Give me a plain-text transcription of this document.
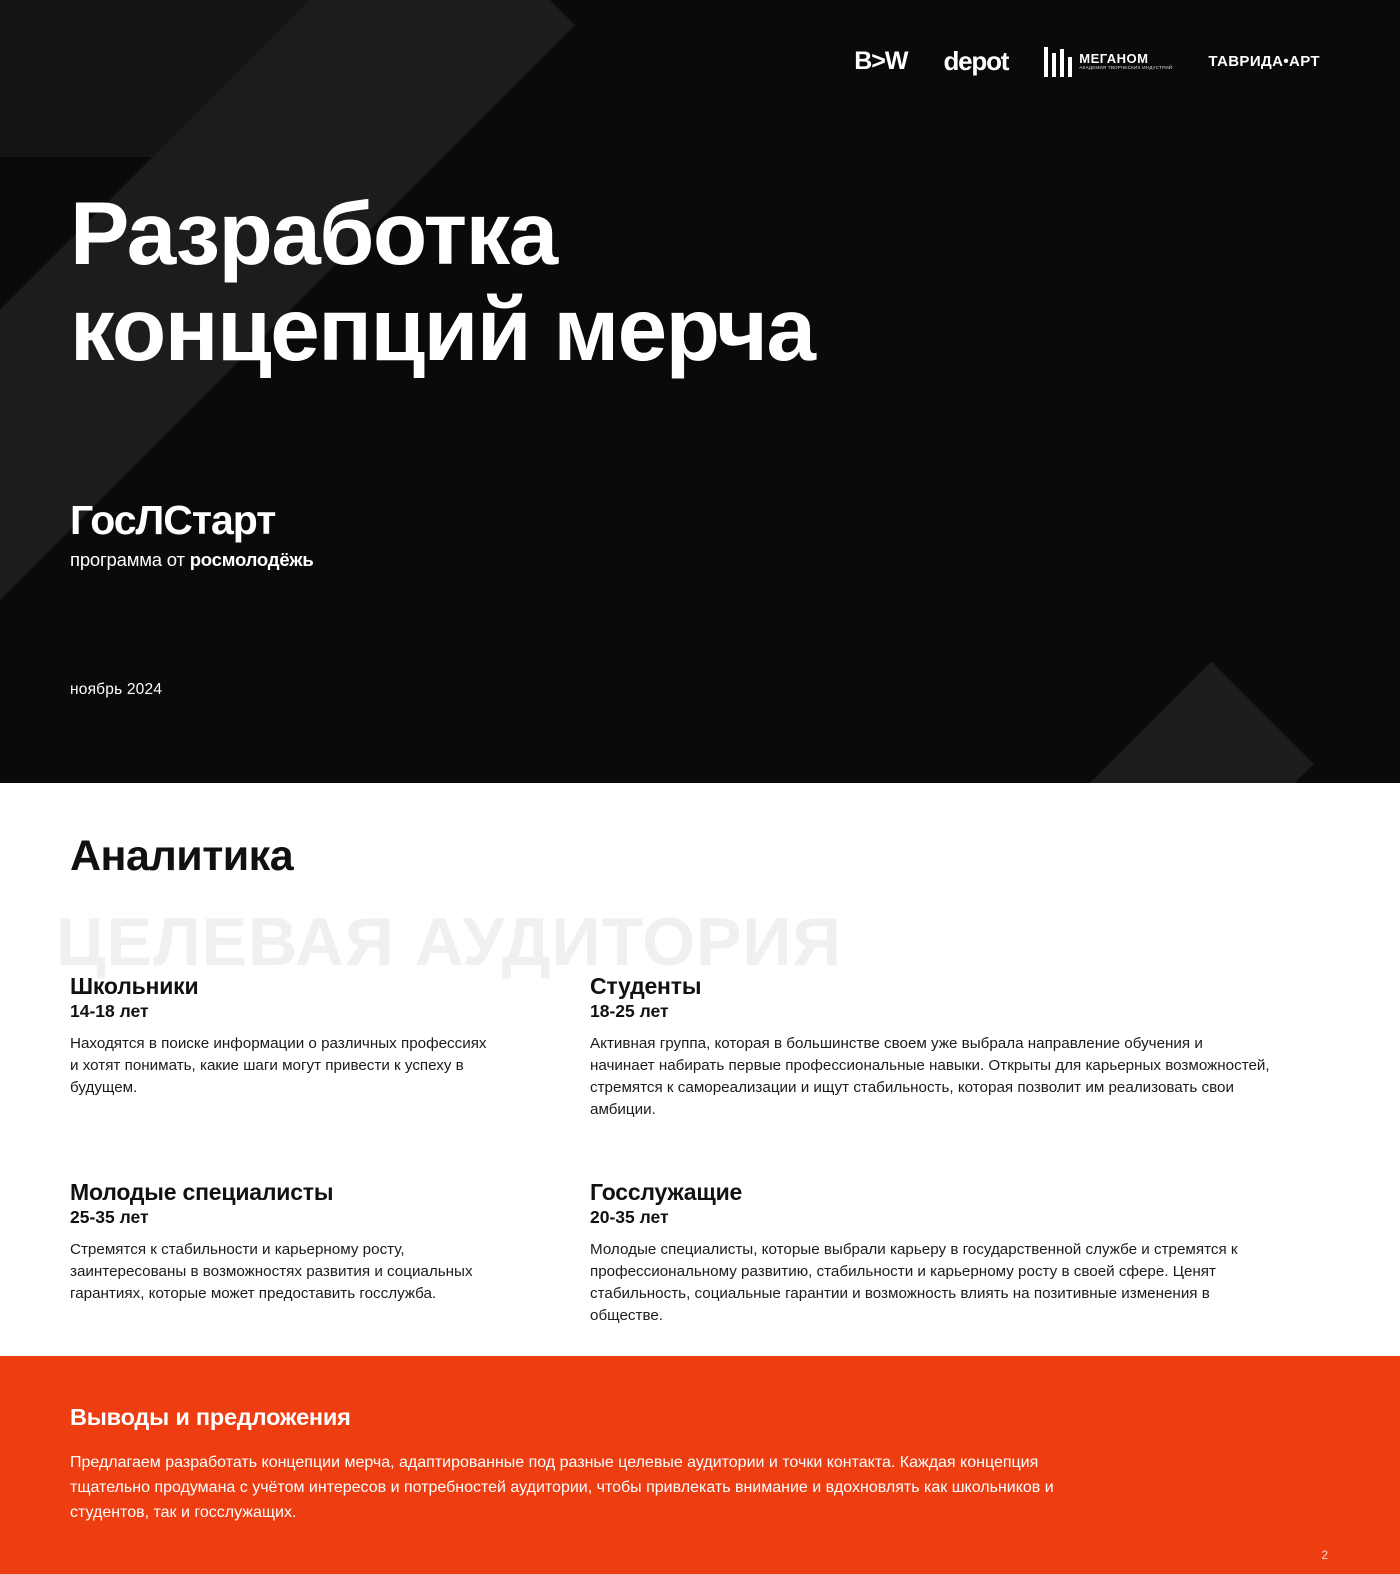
B>W depot	МЕГАНОМ
АКАДЕМИЯ ТВОРЧЕСКИХ ИНДУСТРИЙ ТАВРИДА•АРТ
Разработка
концепций мерча
ГосЛСтарт
программа от росмолодёжь
ноябрь 2024
Аналитика
ЦЕЛЕВАЯ АУДИТОРИЯ
Школьники
14-18 лет

Находятся в поиске информации о различных профессиях и хотят понимать, какие шаги могут привести к успеху в будущем.

Студенты
18-25 лет

Активная группа, которая в большинстве своем уже выбрала направление обучения и начинает набирать первые профессиональные навыки. Открыты для карьерных возможностей, стремятся к самореализации и ищут стабильность, которая позволит им реализовать свои амбиции.

Молодые специалисты
25-35 лет

Стремятся к стабильности и карьерному росту, заинтересованы в возможностях развития и социальных гарантиях, которые может предоставить госслужба.

Госслужащие
20-35 лет

Молодые специалисты, которые выбрали карьеру в государственной службе и стремятся к профессиональному развитию, стабильности и карьерному росту в своей сфере. Ценят стабильность, социальные гарантии и возможность влиять на позитивные изменения в обществе.

Выводы и предложения

Предлагаем разработать концепции мерча, адаптированные под разные целевые аудитории и точки контакта. Каждая концепция тщательно продумана с учётом интересов и потребностей аудитории, чтобы привлекать внимание и вдохновлять как школьников и студентов, так и госслужащих.

2
